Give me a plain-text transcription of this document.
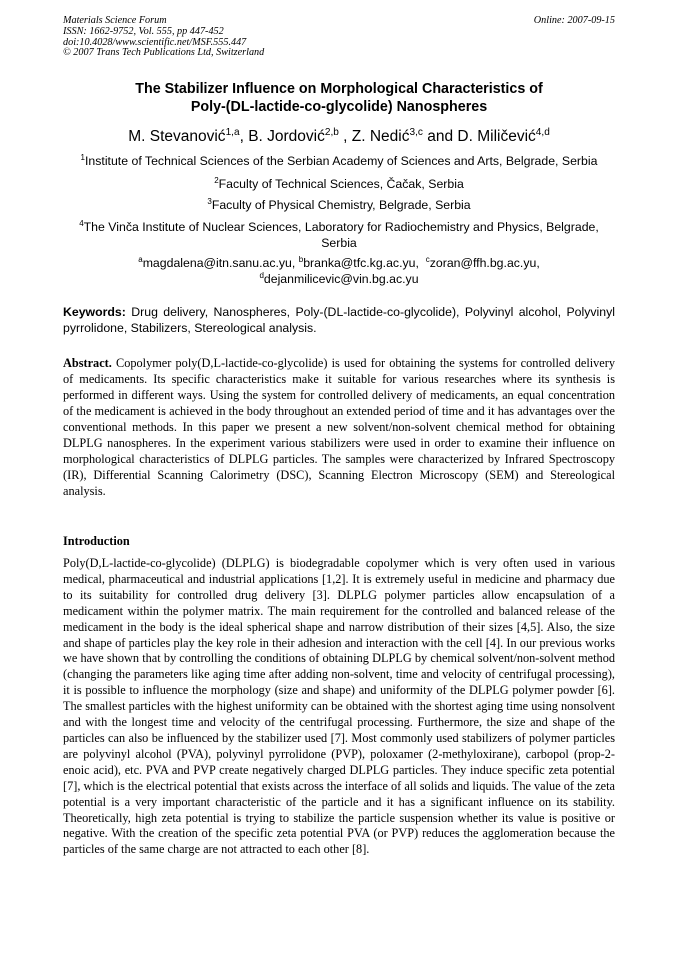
Materials Science Forum
ISSN: 1662-9752, Vol. 555, pp 447-452
doi:10.4028/www.scientific.net/MSF.555.447
© 2007 Trans Tech Publications Ltd, Switzerland
Online: 2007-09-15
The Stabilizer Influence on Morphological Characteristics of
Poly-(DL-lactide-co-glycolide) Nanospheres
M. Stevanović$^{1,a}$, B. Jordović$^{2,b}$ , Z. Nedić$^{3,c}$ and D. Miličević$^{4,d}$
$^1$Institute of Technical Sciences of the Serbian Academy of Sciences and Arts, Belgrade, Serbia
$^2$Faculty of Technical Sciences, Čačak, Serbia
$^3$Faculty of Physical Chemistry, Belgrade, Serbia
$^4$The Vinča Institute of Nuclear Sciences, Laboratory for Radiochemistry and Physics, Belgrade, Serbia
$^a$magdalena@itn.sanu.ac.yu, $^b$branka@tfc.kg.ac.yu,  $^c$zoran@ffh.bg.ac.yu,
$^d$dejanmilicevic@vin.bg.ac.yu
Keywords: Drug delivery, Nanospheres, Poly-(DL-lactide-co-glycolide), Polyvinyl alcohol, Polyvinyl pyrrolidone, Stabilizers, Stereological analysis.
Abstract. Copolymer poly(D,L-lactide-co-glycolide) is used for obtaining the systems for controlled delivery of medicaments. Its specific characteristics make it suitable for various researches where its synthesis is performed in different ways. Using the system for controlled delivery of medicaments, an equal concentration of the medicament is achieved in the body throughout an extended period of time and it has advantages over the conventional methods. In this paper we present a new solvent/non-solvent chemical method for obtaining DLPLG nanospheres. In the experiment various stabilizers were used in order to examine their influence on morphological characteristics of DLPLG particles. The samples were characterized by Infrared Spectroscopy (IR), Differential Scanning Calorimetry (DSC), Scanning Electron Microscopy (SEM) and Stereological analysis.
Introduction
Poly(D,L-lactide-co-glycolide) (DLPLG) is biodegradable copolymer which is very often used in various medical, pharmaceutical and industrial applications [1,2]. It is extremely useful in medicine and pharmacy due to its suitability for controlled drug delivery [3]. DLPLG polymer particles allow encapsulation of a medicament within the polymer matrix. The main requirement for the controlled and balanced release of the medicament in the body is the ideal spherical shape and narrow distribution of their sizes [4,5]. Also, the size and shape of particles play the key role in their adhesion and interaction with the cell [4]. In our previous works we have shown that by controlling the conditions of obtaining DLPLG by chemical solvent/non-solvent method (changing the parameters like aging time after adding non-solvent, time and velocity of centrifugal processing), it is possible to influence the morphology (size and shape) and uniformity of the DLPLG polymer powder [6]. The smallest particles with the highest uniformity can be obtained with the shortest aging time using nonsolvent and with the longest time and velocity of the centrifugal processing. Furthermore, the size and shape of the particles can also be influenced by the stabilizer used [7]. Most commonly used stabilizers of polymer particles are polyvinyl alcohol (PVA), polyvinyl pyrrolidone (PVP), poloxamer (2-methyloxirane), carbopol (prop-2-enoic acid), etc. PVA and PVP create negatively charged DLPLG particles. They induce specific zeta potential [7], which is the electrical potential that exists across the interface of all solids and liquids. The value of the zeta potential is a very important characteristic of the particle and it has a significant influence on its stability. Theoretically, high zeta potential is trying to stabilize the particle suspension whether its value is positive or negative. With the creation of the specific zeta potential PVA (or PVP) reduces the agglomeration because the particles of the same charge are not attracted to each other [8].
